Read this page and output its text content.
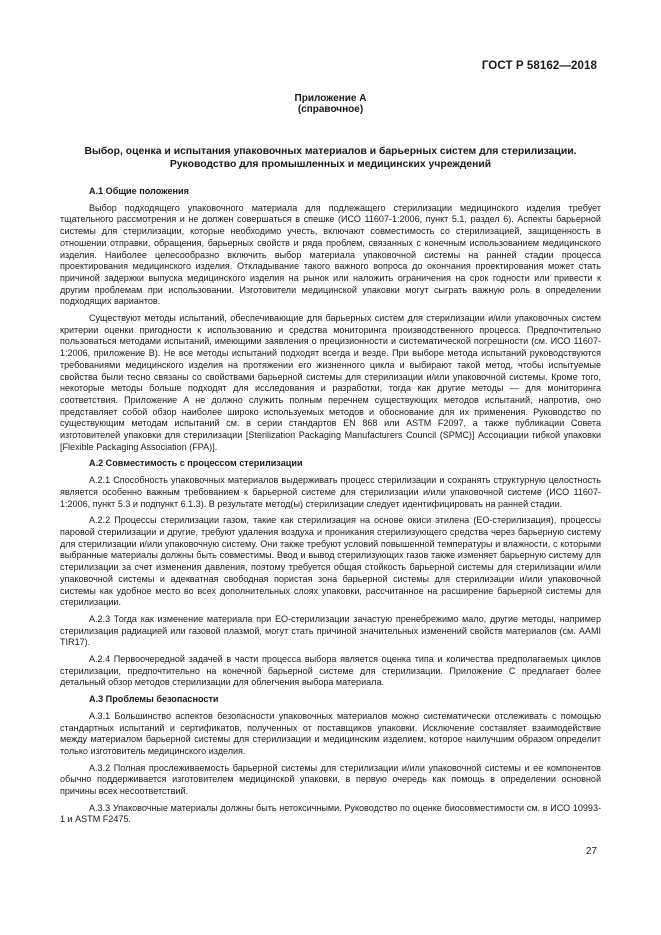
ГОСТ Р 58162—2018
Приложение А
(справочное)
Выбор, оценка и испытания упаковочных материалов и барьерных систем для стерилизации.
Руководство для промышленных и медицинских учреждений
А.1 Общие положения

Выбор подходящего упаковочного материала для подлежащего стерилизации медицинского изделия требует тщательного рассмотрения и не должен совершаться в спешке (ИСО 11607-1:2006, пункт 5.1, раздел 6). Аспекты барьерной системы для стерилизации, которые необходимо учесть, включают совместимость со стерилизацией, защищенность в отношении отправки, обращения, барьерных свойств и ряда проблем, связанных с конечным использованием медицинского изделия. Наиболее целесообразно включить выбор материала упаковочной системы на ранней стадии процесса проектирования медицинского изделия. Откладывание такого важного вопроса до окончания проектирования может стать причиной задержки выпуска медицинского изделия на рынок или наложить ограничения на срок годности или привести к другим проблемам при использовании. Изготовители медицинской упаковки могут сыграть важную роль в определении подходящих вариантов.

Существуют методы испытаний, обеспечивающие для барьерных систем для стерилизации и/или упаковочных систем критерии оценки пригодности к использованию и средства мониторинга производственного процесса. Предпочтительно пользоваться методами испытаний, имеющими заявления о прецизионности и систематической погрешности (см. ИСО 11607-1:2006, приложение В). Не все методы испытаний подходят всегда и везде. При выборе метода испытаний руководствуются требованиями медицинского изделия на протяжении его жизненного цикла и выбирают такой метод, чтобы испытуемые свойства были тесно связаны со свойствами барьерной системы для стерилизации и/или упаковочной системы. Кроме того, некоторые методы больше подходят для исследования и разработки, тогда как другие методы — для мониторинга соответствия. Приложение А не должно служить полным перечнем существующих методов испытаний, напротив, оно представляет собой обзор наиболее широко используемых методов и обоснование для их применения. Руководство по существующим методам испытаний см. в серии стандартов EN 868 или ASTM F2097, а также публикации Совета изготовителей упаковки для стерилизации [Sterilization Packaging Manufacturers Council (SPMC)] Ассоциации гибкой упаковки [Flexible Packaging Association (FPA)].

А.2 Совместимость с процессом стерилизации

А.2.1 Способность упаковочных материалов выдерживать процесс стерилизации и сохранять структурную целостность является особенно важным требованием к барьерной системе для стерилизации и/или упаковочной системе (ИСО 11607-1:2006, пункт 5.3 и подпункт 6.1.3). В результате метод(ы) стерилизации следует идентифицировать на ранней стадии.

А.2.2 Процессы стерилизации газом, такие как стерилизация на основе окиси этилена (ЕО-стерилизация), процессы паровой стерилизации и другие, требуют удаления воздуха и проникания стерилизующего средства через барьерную систему для стерилизации и/или упаковочную систему. Они также требуют условий повышенной температуры и влажности, с которыми выбранные материалы должны быть совместимы. Ввод и вывод стерилизующих газов также изменяет барьерную систему для стерилизации за счет изменения давления, поэтому требуется общая стойкость барьерной системы для стерилизации и/или упаковочной системы и адекватная свободная пористая зона барьерной системы для стерилизации и/или упаковочной системы как удобное место во всех дополнительных слоях упаковки, рассчитанное на расширение барьерной системы для стерилизации.

А.2.3 Тогда как изменение материала при ЕО-стерилизации зачастую пренебрежимо мало, другие методы, например стерилизация радиацией или газовой плазмой, могут стать причиной значительных изменений свойств материалов (см. AAMI TIR17).

А.2.4 Первоочередной задачей в части процесса выбора является оценка типа и количества предполагаемых циклов стерилизации, предпочтительно на конечной барьерной системе для стерилизации. Приложение С предлагает более детальный обзор методов стерилизации для облегчения выбора материала.

А.3 Проблемы безопасности

А.3.1 Большинство аспектов безопасности упаковочных материалов можно систематически отслеживать с помощью стандартных испытаний и сертификатов, полученных от поставщиков упаковки. Исключение составляет взаимодействие между материалом барьерной системы для стерилизации и медицинским изделием, которое наилучшим образом определит только изготовитель медицинского изделия.

А.3.2 Полная прослеживаемость барьерной системы для стерилизации и/или упаковочной системы и ее компонентов обычно поддерживается изготовителем медицинской упаковки, в первую очередь как помощь в определении основной причины всех несоответствий.

А.3.3 Упаковочные материалы должны быть нетоксичными. Руководство по оценке биосовместимости см. в ИСО 10993-1 и ASTM F2475.

27
